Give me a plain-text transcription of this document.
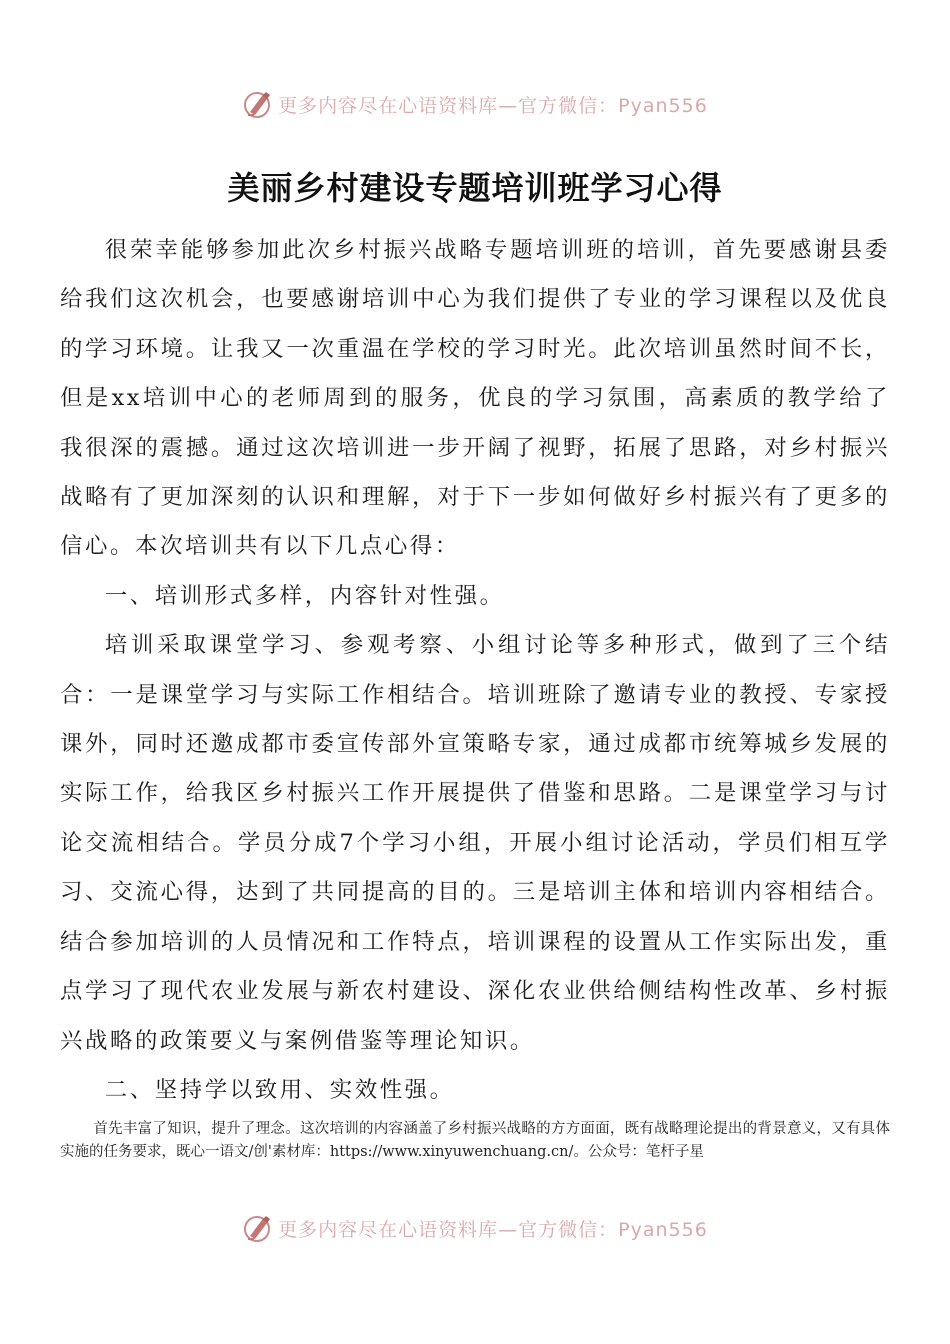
更多内容尽在心语资料库—官方微信：Pyan556
美丽乡村建设专题培训班学习心得

很荣幸能够参加此次乡村振兴战略专题培训班的培训，首先要感谢县委给我们这次机会，也要感谢培训中心为我们提供了专业的学习课程以及优良的学习环境。让我又一次重温在学校的学习时光。此次培训虽然时间不长，但是xx培训中心的老师周到的服务，优良的学习氛围，高素质的教学给了我很深的震撼。通过这次培训进一步开阔了视野，拓展了思路，对乡村振兴战略有了更加深刻的认识和理解，对于下一步如何做好乡村振兴有了更多的信心。本次培训共有以下几点心得：

一、培训形式多样，内容针对性强。

培训采取课堂学习、参观考察、小组讨论等多种形式，做到了三个结合：一是课堂学习与实际工作相结合。培训班除了邀请专业的教授、专家授课外，同时还邀成都市委宣传部外宣策略专家，通过成都市统筹城乡发展的实际工作，给我区乡村振兴工作开展提供了借鉴和思路。二是课堂学习与讨论交流相结合。学员分成7个学习小组，开展小组讨论活动，学员们相互学习、交流心得，达到了共同提高的目的。三是培训主体和培训内容相结合。结合参加培训的人员情况和工作特点，培训课程的设置从工作实际出发，重点学习了现代农业发展与新农村建设、深化农业供给侧结构性改革、乡村振兴战略的政策要义与案例借鉴等理论知识。

二、坚持学以致用、实效性强。

首先丰富了知识，提升了理念。这次培训的内容涵盖了乡村振兴战略的方方面面，既有战略理论提出的背景意义，又有具体实施的任务要求，既心一语文/创'素材库：https://www.xinyuwenchuang.cn/。公众号：笔杆子星
更多内容尽在心语资料库—官方微信：Pyan556
